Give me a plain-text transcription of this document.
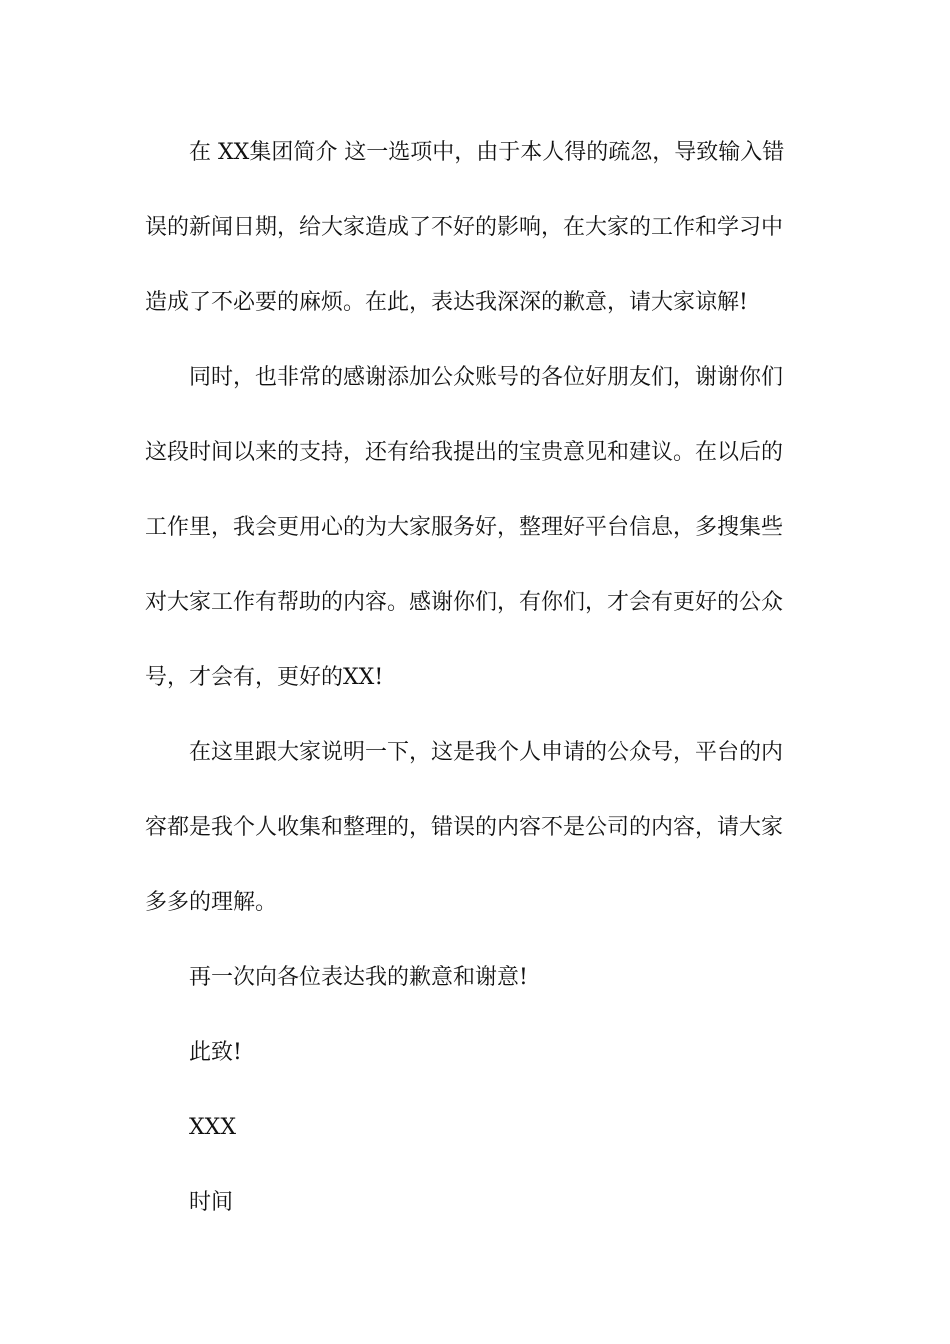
在 XX集团简介 这一选项中，由于本人得的疏忽，导致输入错
误的新闻日期，给大家造成了不好的影响，在大家的工作和学习中
造成了不必要的麻烦。在此，表达我深深的歉意，请大家谅解!
同时，也非常的感谢添加公众账号的各位好朋友们，谢谢你们
这段时间以来的支持，还有给我提出的宝贵意见和建议。在以后的
工作里，我会更用心的为大家服务好，整理好平台信息，多搜集些
对大家工作有帮助的内容。感谢你们，有你们，才会有更好的公众
号，才会有，更好的XX!
在这里跟大家说明一下，这是我个人申请的公众号，平台的内
容都是我个人收集和整理的，错误的内容不是公司的内容，请大家
多多的理解。
再一次向各位表达我的歉意和谢意!
此致!
XXX
时间
